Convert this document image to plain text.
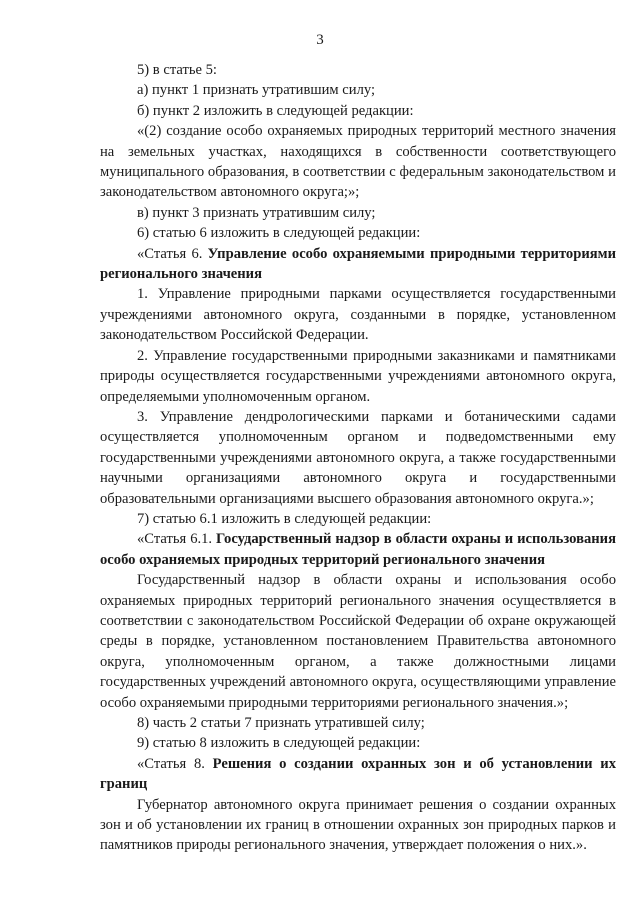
3

5) в статье 5:

а) пункт 1 признать утратившим силу;

б) пункт 2 изложить в следующей редакции:

«(2) создание особо охраняемых природных территорий местного значения на земельных участках, находящихся в собственности соответствующего муниципального образования, в соответствии с федеральным законодательством и законодательством автономного округа;»;

в) пункт 3 признать утратившим силу;

6) статью 6 изложить в следующей редакции:

«Статья 6. Управление особо охраняемыми природными территориями регионального значения

1. Управление природными парками осуществляется государственными учреждениями автономного округа, созданными в порядке, установленном законодательством Российской Федерации.

2. Управление государственными природными заказниками и памятниками природы осуществляется государственными учреждениями автономного округа, определяемыми уполномоченным органом.

3. Управление дендрологическими парками и ботаническими садами осуществляется уполномоченным органом и подведомственными ему государственными учреждениями автономного округа, а также государственными научными организациями автономного округа и государственными образовательными организациями высшего образования автономного округа.»;

7) статью 6.1 изложить в следующей редакции:

«Статья 6.1. Государственный надзор в области охраны и использования особо охраняемых природных территорий регионального значения

Государственный надзор в области охраны и использования особо охраняемых природных территорий регионального значения осуществляется в соответствии с законодательством Российской Федерации об охране окружающей среды в порядке, установленном постановлением Правительства автономного округа, уполномоченным органом, а также должностными лицами государственных учреждений автономного округа, осуществляющими управление особо охраняемыми природными территориями регионального значения.»;

8) часть 2 статьи 7 признать утратившей силу;

9) статью 8 изложить в следующей редакции:

«Статья 8. Решения о создании охранных зон и об установлении их границ

Губернатор автономного округа принимает решения о создании охранных зон и об установлении их границ в отношении охранных зон природных парков и памятников природы регионального значения, утверждает положения о них.».
